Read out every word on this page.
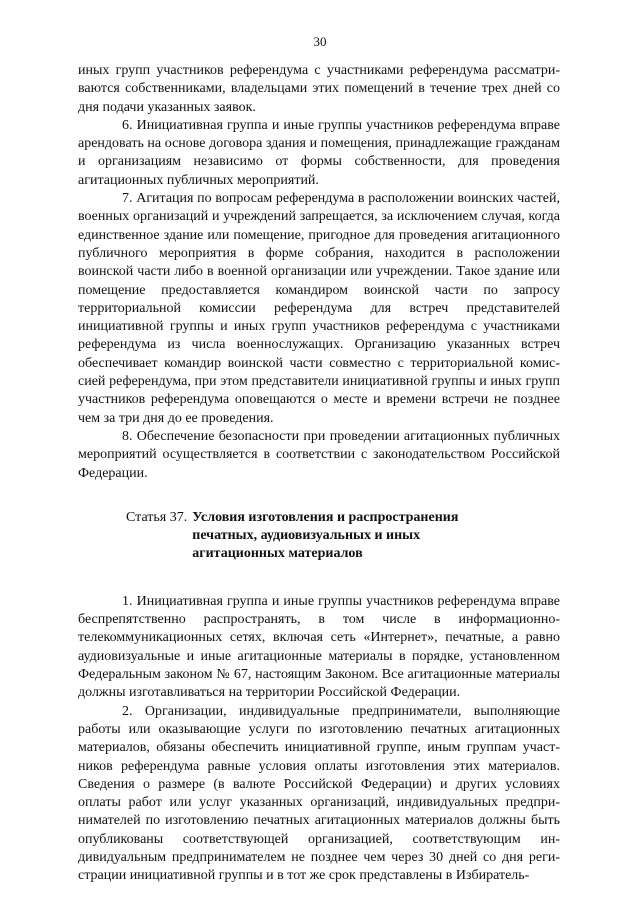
30

иных групп участников референдума с участниками референдума рассматриваются собственниками, владельцами этих помещений в течение трех дней со дня подачи указанных заявок.

6. Инициативная группа и иные группы участников референдума вправе арендовать на основе договора здания и помещения, принадлежащие гражданам и организациям независимо от формы собственности, для проведения агитационных публичных мероприятий.

7. Агитация по вопросам референдума в расположении воинских частей, военных организаций и учреждений запрещается, за исключением случая, когда единственное здание или помещение, пригодное для проведения агитационного публичного мероприятия в форме собрания, находится в расположении воинской части либо в военной организации или учреждении. Такое здание или помещение предоставляется командиром воинской части по запросу территориальной комиссии референдума для встреч представителей инициативной группы и иных групп участников референдума с участниками референдума из числа военнослужащих. Организацию указанных встреч обеспечивает командир воинской части совместно с территориальной комиссией референдума, при этом представители инициативной группы и иных групп участников референдума оповещаются о месте и времени встречи не позднее чем за три дня до ее проведения.

8. Обеспечение безопасности при проведении агитационных публичных мероприятий осуществляется в соответствии с законодательством Российской Федерации.

Статья 37. Условия изготовления и распространения печатных, аудиовизуальных и иных агитационных материалов

1. Инициативная группа и иные группы участников референдума вправе беспрепятственно распространять, в том числе в информационно-телекоммуникационных сетях, включая сеть «Интернет», печатные, а равно аудиовизуальные и иные агитационные материалы в порядке, установленном Федеральным законом № 67, настоящим Законом. Все агитационные материалы должны изготавливаться на территории Российской Федерации.

2. Организации, индивидуальные предприниматели, выполняющие работы или оказывающие услуги по изготовлению печатных агитационных материалов, обязаны обеспечить инициативной группе, иным группам участников референдума равные условия оплаты изготовления этих материалов. Сведения о размере (в валюте Российской Федерации) и других условиях оплаты работ или услуг указанных организаций, индивидуальных предпринимателей по изготовлению печатных агитационных материалов должны быть опубликованы соответствующей организацией, соответствующим индивидуальным предпринимателем не позднее чем через 30 дней со дня регистрации инициативной группы и в тот же срок представлены в Избиратель-
